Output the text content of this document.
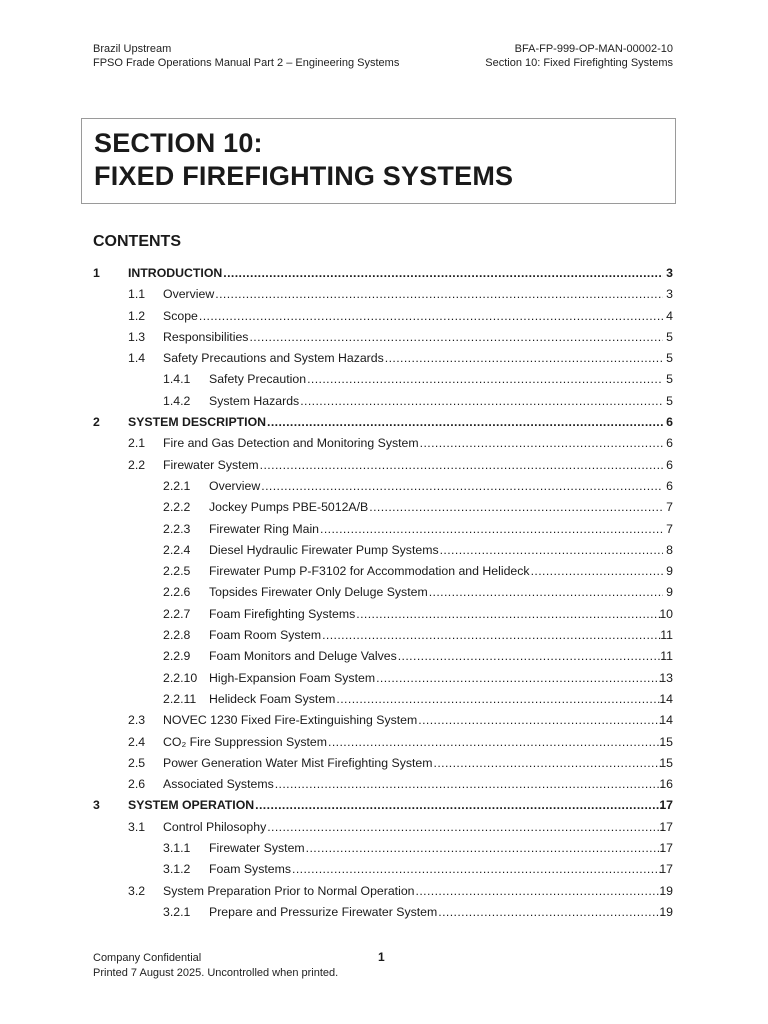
Brazil Upstream
FPSO Frade Operations Manual Part 2 – Engineering Systems
BFA-FP-999-OP-MAN-00002-10
Section 10: Fixed Firefighting Systems
SECTION 10:
FIXED FIREFIGHTING SYSTEMS
CONTENTS
1 INTRODUCTION .....	3
1.1 Overview .....	3
1.2 Scope .....	4
1.3 Responsibilities .....	5
1.4 Safety Precautions and System Hazards .....	5
1.4.1 Safety Precaution .....	5
1.4.2 System Hazards .....	5
2 SYSTEM DESCRIPTION .....	6
2.1 Fire and Gas Detection and Monitoring System .....	6
2.2 Firewater System .....	6
2.2.1 Overview .....	6
2.2.2 Jockey Pumps PBE-5012A/B .....	7
2.2.3 Firewater Ring Main .....	7
2.2.4 Diesel Hydraulic Firewater Pump Systems .....	8
2.2.5 Firewater Pump P-F3102 for Accommodation and Helideck .....	9
2.2.6 Topsides Firewater Only Deluge System .....	9
2.2.7 Foam Firefighting Systems .....	10
2.2.8 Foam Room System .....	11
2.2.9 Foam Monitors and Deluge Valves .....	11
2.2.10 High-Expansion Foam System .....	13
2.2.11 Helideck Foam System .....	14
2.3 NOVEC 1230 Fixed Fire-Extinguishing System .....	14
2.4 CO₂ Fire Suppression System .....	15
2.5 Power Generation Water Mist Firefighting System .....	15
2.6 Associated Systems .....	16
3 SYSTEM OPERATION .....	17
3.1 Control Philosophy .....	17
3.1.1 Firewater System .....	17
3.1.2 Foam Systems .....	17
3.2 System Preparation Prior to Normal Operation .....	19
3.2.1 Prepare and Pressurize Firewater System .....	19
1
Company Confidential
Printed 7 August 2025. Uncontrolled when printed.
